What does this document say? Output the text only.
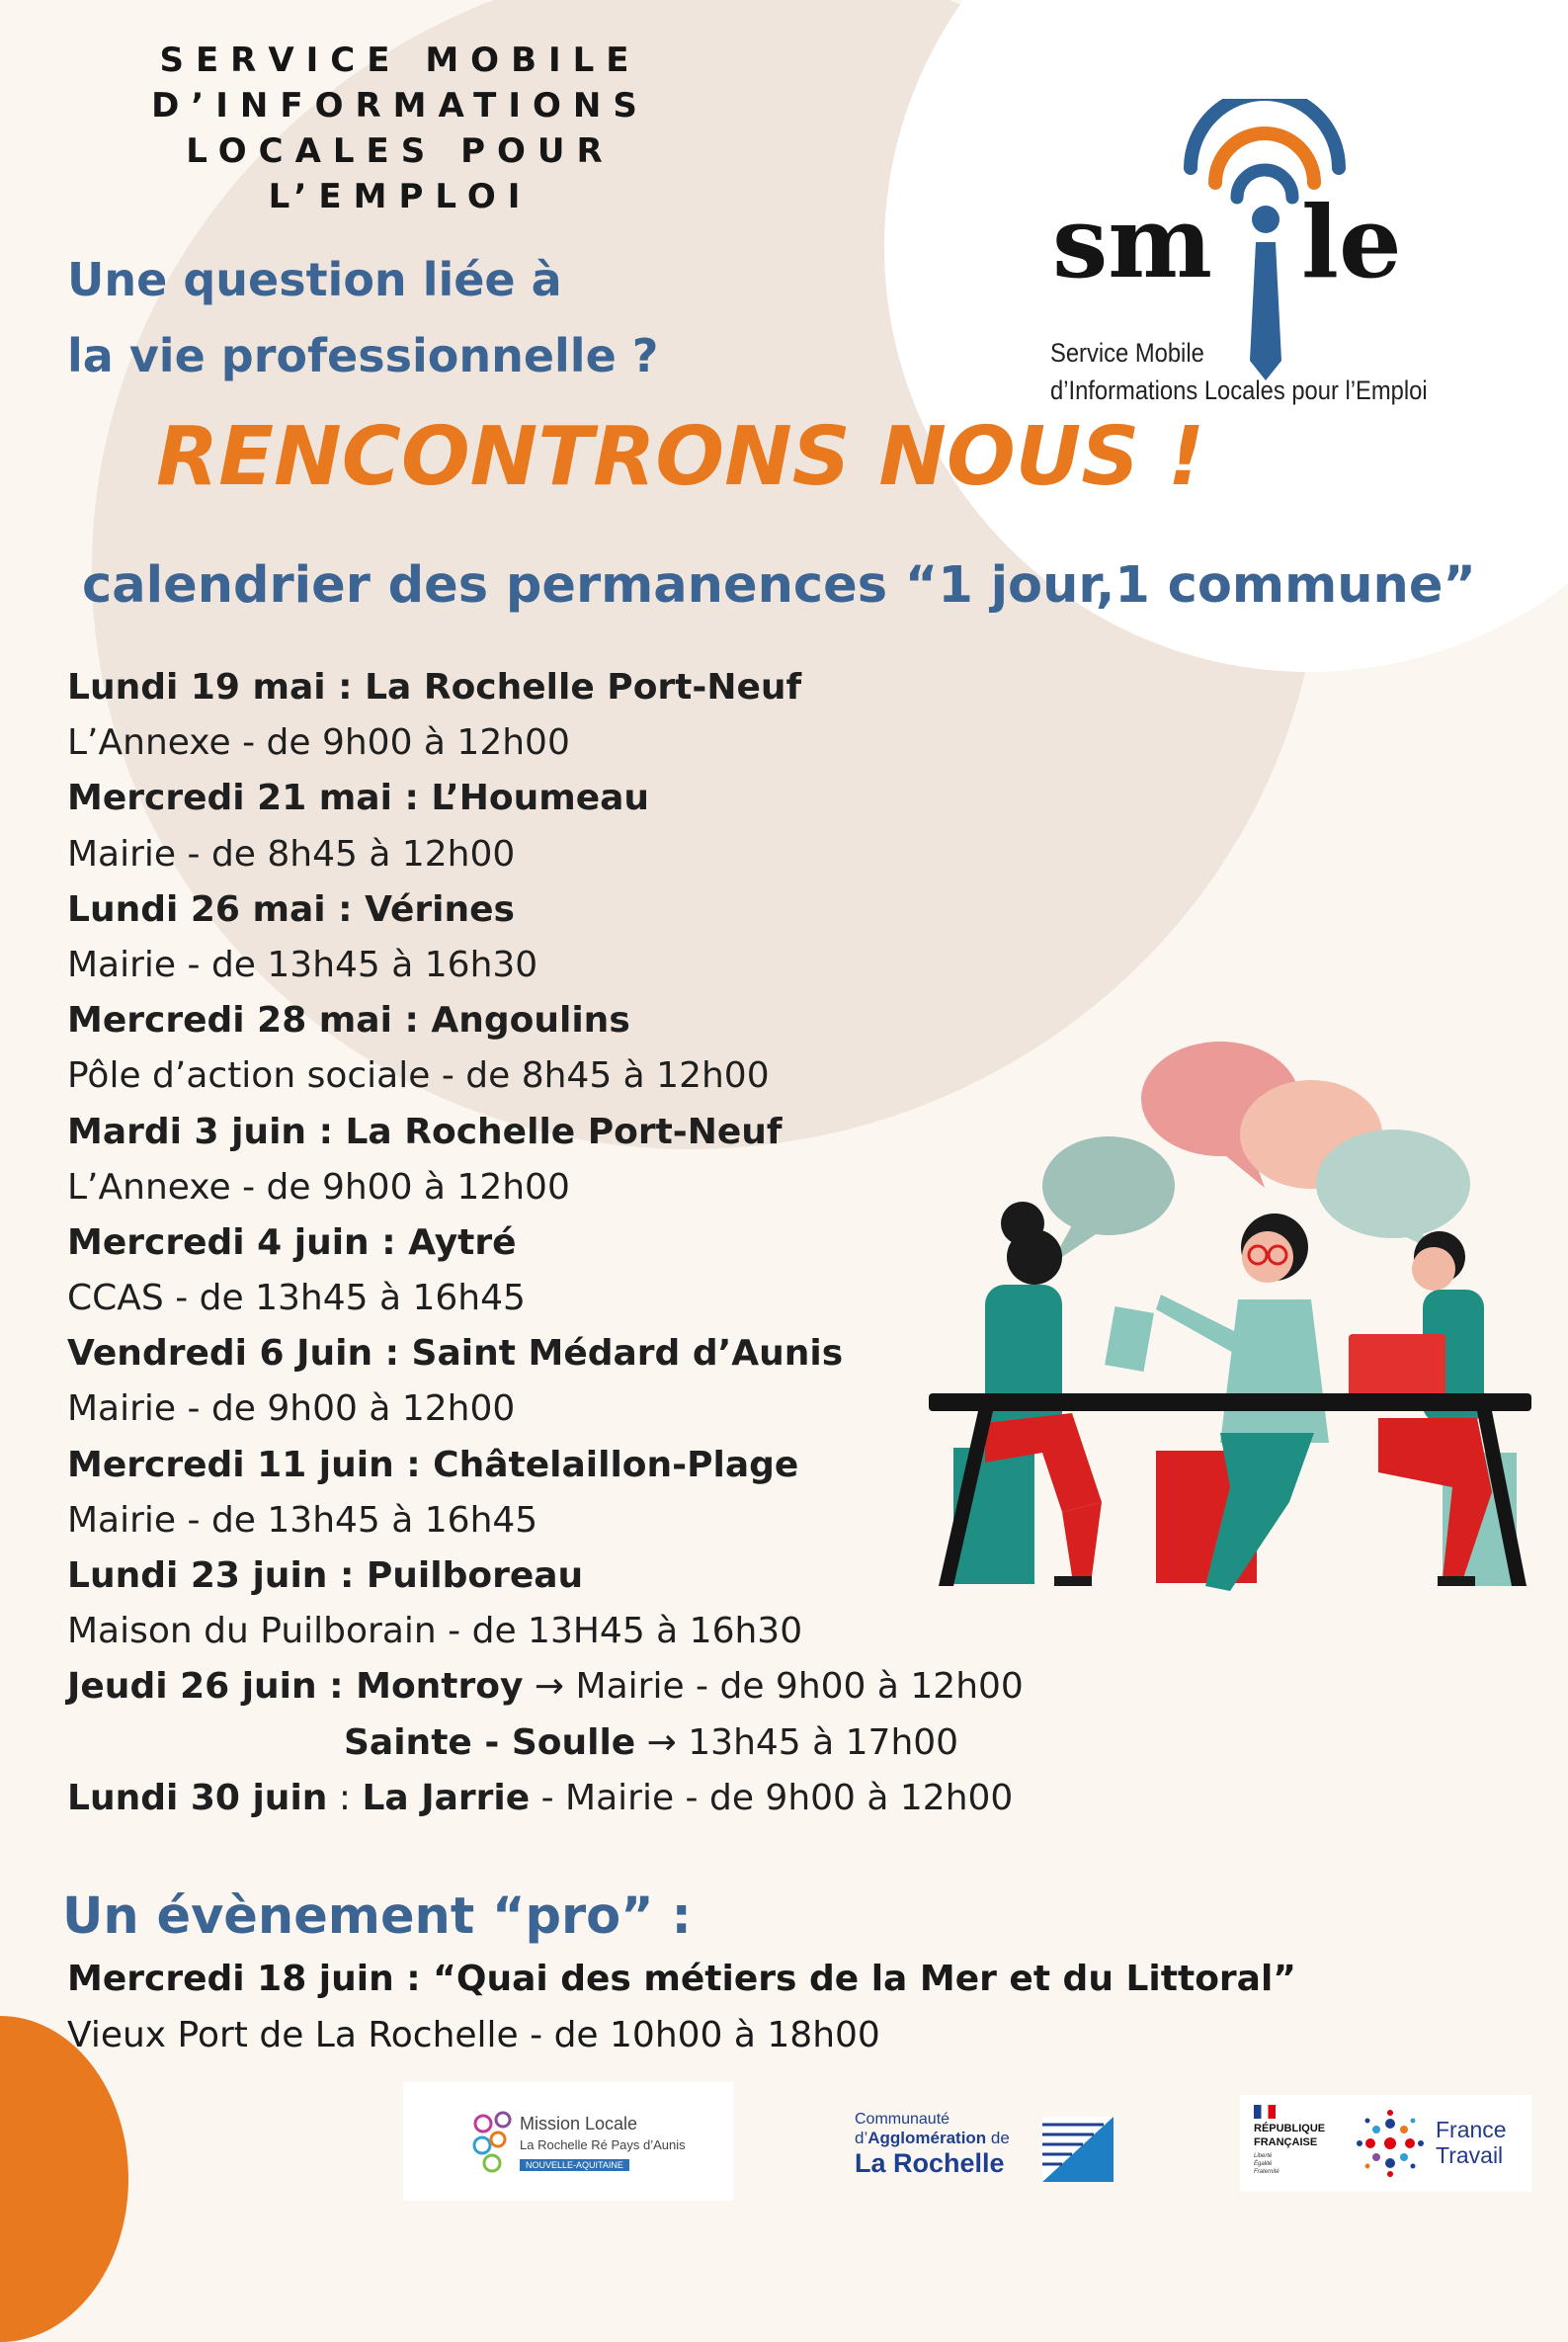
SERVICE MOBILE
D’INFORMATIONS
LOCALES POUR
L’EMPLOI
Une question liée à
la vie professionnelle ?
RENCONTRONS NOUS !
calendrier des permanences “1 jour,1 commune”
sm le
Service Mobile
d’Informations Locales pour l’Emploi
Lundi 19 mai : La Rochelle Port-Neuf
L’Annexe - de 9h00 à 12h00
Mercredi 21 mai : L’Houmeau
Mairie - de 8h45 à 12h00
Lundi 26 mai : Vérines
Mairie - de 13h45 à 16h30
Mercredi 28 mai : Angoulins
Pôle d’action sociale - de 8h45 à 12h00
Mardi 3 juin : La Rochelle Port-Neuf
L’Annexe - de 9h00 à 12h00
Mercredi 4 juin : Aytré
CCAS - de 13h45 à 16h45
Vendredi 6 Juin : Saint Médard d’Aunis
Mairie - de 9h00 à 12h00
Mercredi 11 juin : Châtelaillon-Plage
Mairie - de 13h45 à 16h45
Lundi 23 juin : Puilboreau
Maison du Puilborain - de 13H45 à 16h30
Jeudi 26 juin : Montroy → Mairie - de 9h00 à 12h00
Sainte - Soulle → 13h45 à 17h00
Lundi 30 juin : La Jarrie - Mairie - de 9h00 à 12h00
Un évènement “pro” :
Mercredi 18 juin : “Quai des métiers de la Mer et du Littoral”
Vieux Port de La Rochelle - de 10h00 à 18h00
Mission Locale
La Rochelle Ré Pays d’Aunis
NOUVELLE-AQUITAINE
Communauté
d’Agglomération de
La Rochelle
RÉPUBLIQUE
FRANÇAISE
Liberté
Égalité
Fraternité
France
Travail
